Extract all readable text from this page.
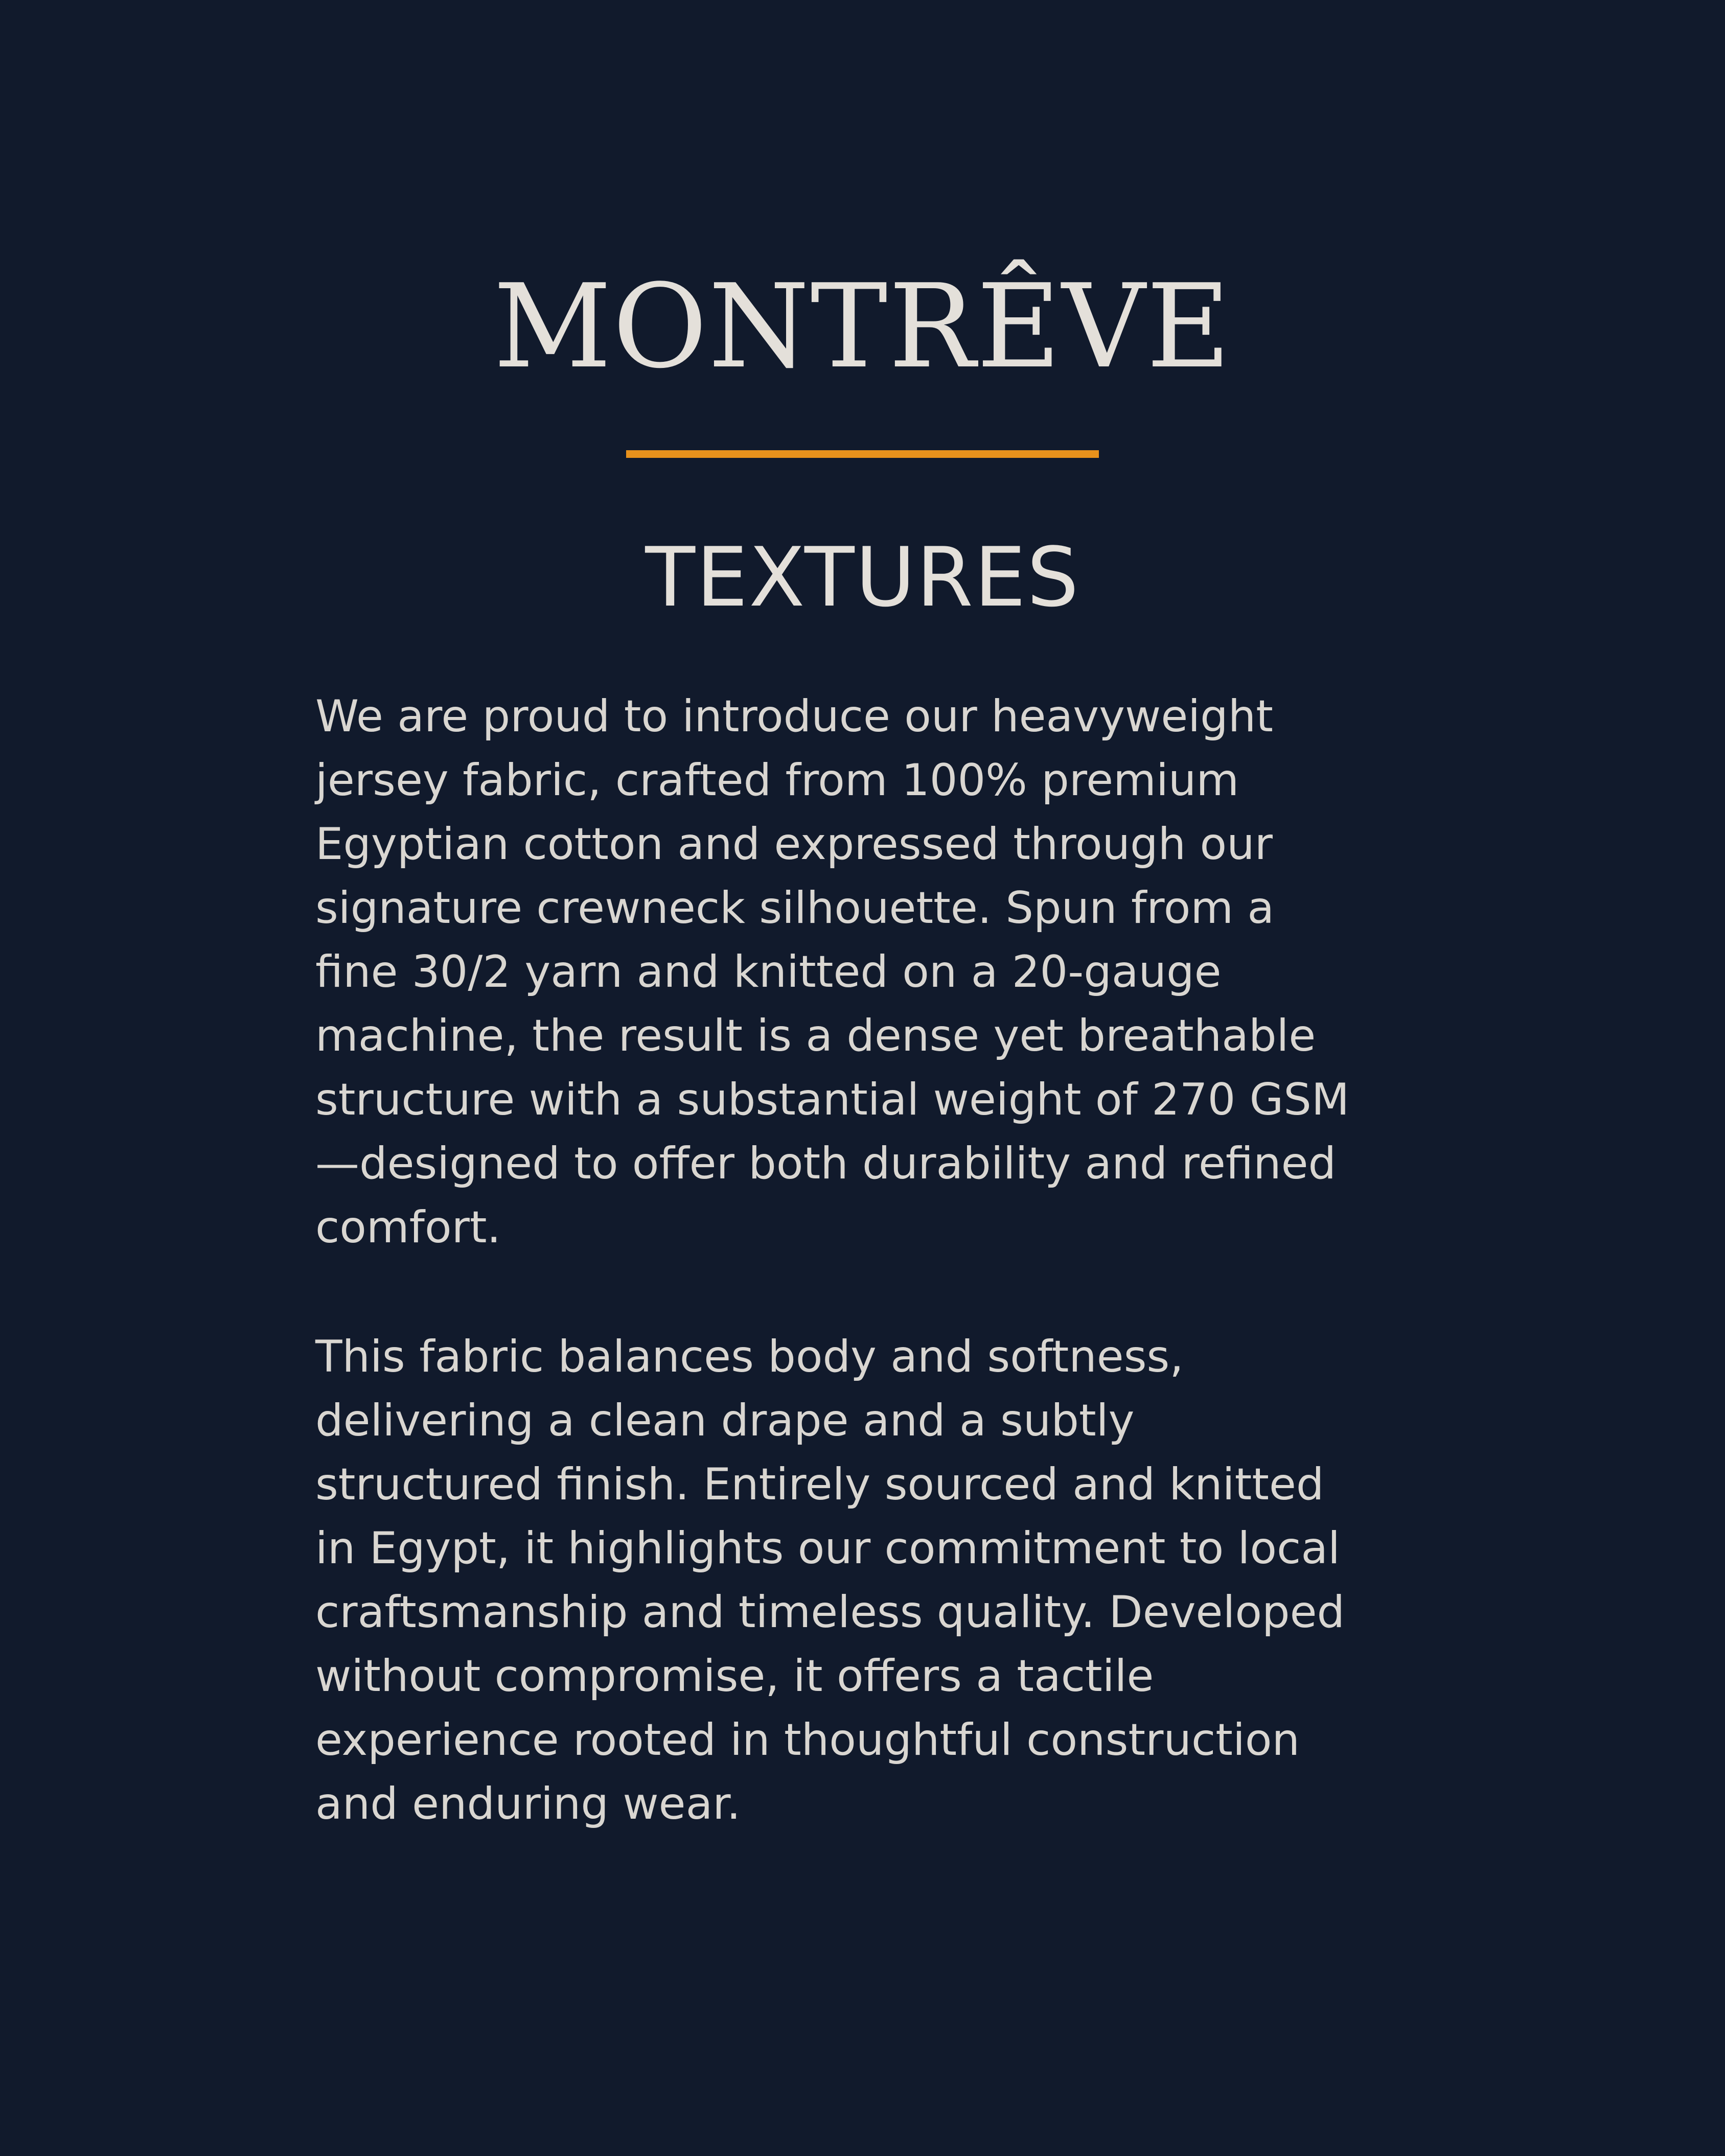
MONTRÊVE
TEXTURES
We are proud to introduce our heavyweight
jersey fabric, crafted from 100% premium
Egyptian cotton and expressed through our
signature crewneck silhouette. Spun from a
fine 30/2 yarn and knitted on a 20-gauge
machine, the result is a dense yet breathable
structure with a substantial weight of 270 GSM
—designed to offer both durability and refined
comfort.
This fabric balances body and softness,
delivering a clean drape and a subtly
structured finish. Entirely sourced and knitted
in Egypt, it highlights our commitment to local
craftsmanship and timeless quality. Developed
without compromise, it offers a tactile
experience rooted in thoughtful construction
and enduring wear.
